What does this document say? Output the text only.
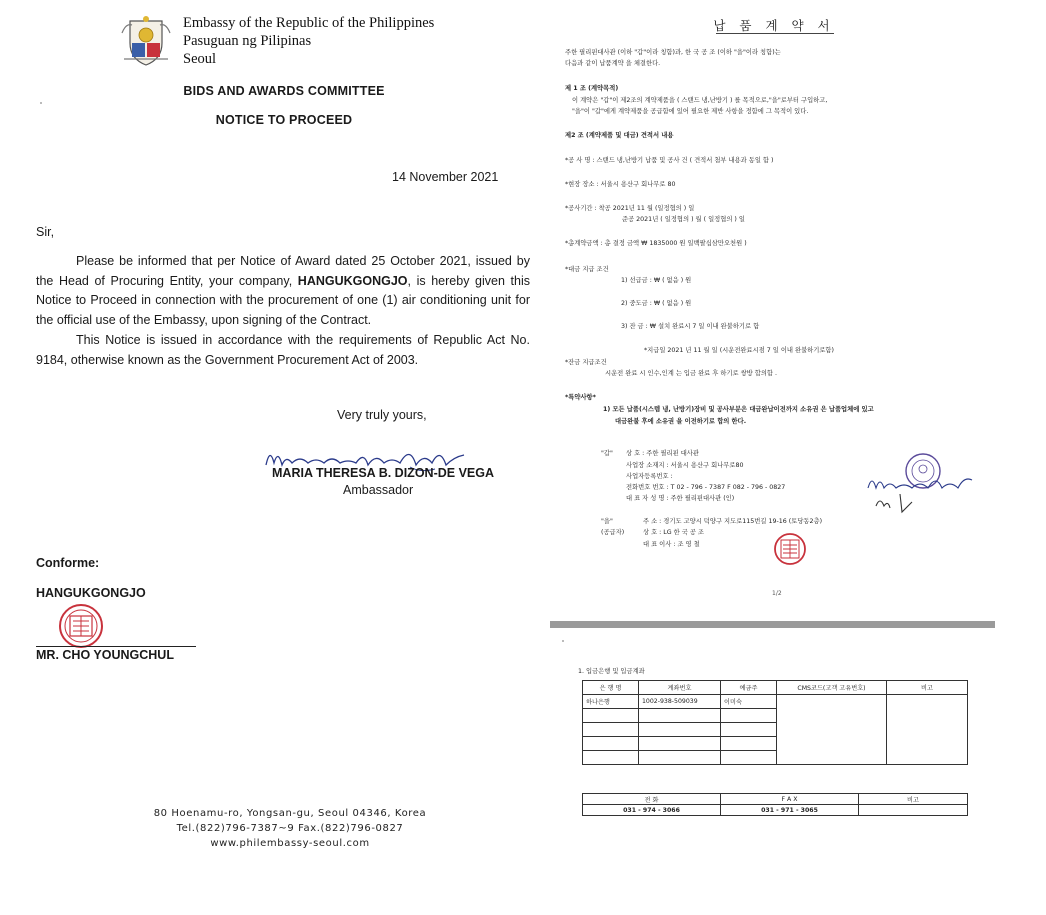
Embassy of the Republic of the Philippines
Pasuguan ng Pilipinas
Seoul
BIDS AND AWARDS COMMITTEE
NOTICE TO PROCEED
14 November 2021
Sir,
Please be informed that per Notice of Award dated 25 October 2021, issued by the Head of Procuring Entity, your company, HANGUKGONGJO, is hereby given this Notice to Proceed in connection with the procurement of one (1) air conditioning unit for the official use of the Embassy, upon signing of the Contract.
This Notice is issued in accordance with the requirements of Republic Act No. 9184, otherwise known as the Government Procurement Act of 2003.
Very truly yours,
MARIA THERESA B. DIZON-DE VEGA
Ambassador
Conforme:
HANGUKGONGJO
MR. CHO YOUNGCHUL
80 Hoenamu-ro, Yongsan-gu, Seoul 04346, Korea
Tel.(822)796-7387~9 Fax.(822)796-0827
www.philembassy-seoul.com
납 품 계 약 서
주한 필리핀대사관 (이하 "갑"이라 칭함)과, 한 국 공 조 (이하 "을"이라 칭함)는
다음과 같이 납품계약 을 체결한다.
제 1 조 (계약목적)
이 계약은 "갑"이 제2조의 계약제품을 ( 스탠드 냉,난방기 ) 를 목적으로,"을"로부터 구입하고,
"을"이 "갑"에게 계약제품을 공급함에 있어 필요한 제반 사항을 정함에 그 목적이 있다.
제2 조 (계약제품 및 대금) 견적서 내용
*공 사 명 : 스탠드 냉,난방기 납품 및 공사 건 ( 견적서 첨부 내용과 동일 함 )
*현장 장소 : 서울시 용산구 회나무로 80
*공사기간 : 착공 2021년 11 월 (일정협의 ) 일
준공 2021년 ( 일정협의 ) 월 ( 일정협의 ) 일
*총계약금액 : 총 결정 금액 ₩ 1835000 원 일백팔십삼만오천원 )
*대금 지급 조건
1) 선급금 : ₩ ( 없음 ) 원
2) 중도금 : ₩ ( 없음 ) 원
3) 잔 금 : ₩ 설치 완료시 7 일 이내 완불하기로 함
*지급일 2021 년 11 월 일 (시운전완료시점 7 일 이내 완불하기로함)
*잔금 지급조건
시운전 완료 시 인수,인계 는 입금 완료 후 하기로 쌍방 합의함 .
*특약사항*
1) 모든 납품(시스템 냉, 난방기)장비 및 공사부분은 대금완납이전까지 소유권 은 납품업체에 있고
대금완불 후에 소유권 을 이전하기로 합의 한다.
"갑" 상 호 : 주한 필리핀 대사관
사업장 소재지 : 서울시 용산구 회나무로80
사업자등록번호 :
전화번호 번호 : T 02 - 796 - 7387 F 082 - 796 - 0827
대 표 자 성 명 : 주한 필리핀대사관 (인)
"을"
(공급자)
주 소 : 경기도 고양시 덕양구 지도로115번길 19-16 (토당동2층)
상 호 : LG 한 국 공 조
대 표 이사 : 조 영 철
1/2
1. 입금은행 및 입금계좌
은 행 명	계좌번호	예금주	CMS코드(고객 고유번호)	비고
하나은행	1002-938-509039	이미숙		

전 화	F A X	비고
031 - 974 - 3066	031 - 971 - 3065	
